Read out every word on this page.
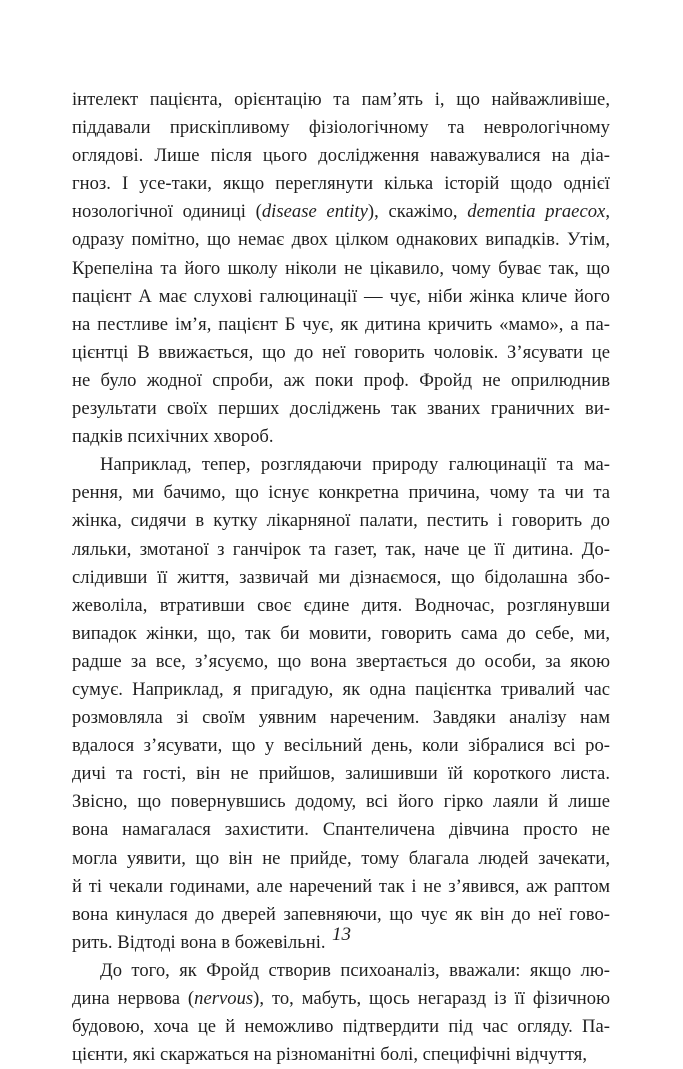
інтелект пацієнта, орієнтацію та пам’ять і, що найважливіше,
піддавали прискіпливому фізіологічному та неврологічному
оглядові. Лише після цього дослідження наважувалися на діа-
гноз. І усе-таки, якщо переглянути кілька історій щодо однієї
нозологічної одиниці (disease entity), скажімо, dementia praecox,
одразу помітно, що немає двох цілком однакових випадків. Утім,
Крепеліна та його школу ніколи не цікавило, чому буває так, що
пацієнт А має слухові галюцинації — чує, ніби жінка кличе його
на пестливе ім’я, пацієнт Б чує, як дитина кричить «мамо», а па-
цієнтці В ввижається, що до неї говорить чоловік. З’ясувати це
не було жодної спроби, аж поки проф. Фройд не оприлюднив
результати своїх перших досліджень так званих граничних ви-
падків психічних хвороб.
Наприклад, тепер, розглядаючи природу галюцинації та ма-
рення, ми бачимо, що існує конкретна причина, чому та чи та
жінка, сидячи в кутку лікарняної палати, пестить і говорить до
ляльки, змотаної з ганчірок та газет, так, наче це її дитина. До-
слідивши її життя, зазвичай ми дізнаємося, що бідолашна збо-
жеволіла, втративши своє єдине дитя. Водночас, розглянувши
випадок жінки, що, так би мовити, говорить сама до себе, ми,
радше за все, з’ясуємо, що вона звертається до особи, за якою
сумує. Наприклад, я пригадую, як одна пацієнтка тривалий час
розмовляла зі своїм уявним нареченим. Завдяки аналізу нам
вдалося з’ясувати, що у весільний день, коли зібралися всі ро-
дичі та гості, він не прийшов, залишивши їй короткого листа.
Звісно, що повернувшись додому, всі його гірко лаяли й лише
вона намагалася захистити. Спантеличена дівчина просто не
могла уявити, що він не прийде, тому благала людей зачекати,
й ті чекали годинами, але наречений так і не з’явився, аж раптом
вона кинулася до дверей запевняючи, що чує як він до неї гово-
рить. Відтоді вона в божевільні.
До того, як Фройд створив психоаналіз, вважали: якщо лю-
дина нервова (nervous), то, мабуть, щось негаразд із її фізичною
будовою, хоча це й неможливо підтвердити під час огляду. Па-
цієнти, які скаржаться на різноманітні болі, специфічні відчуття,
13
